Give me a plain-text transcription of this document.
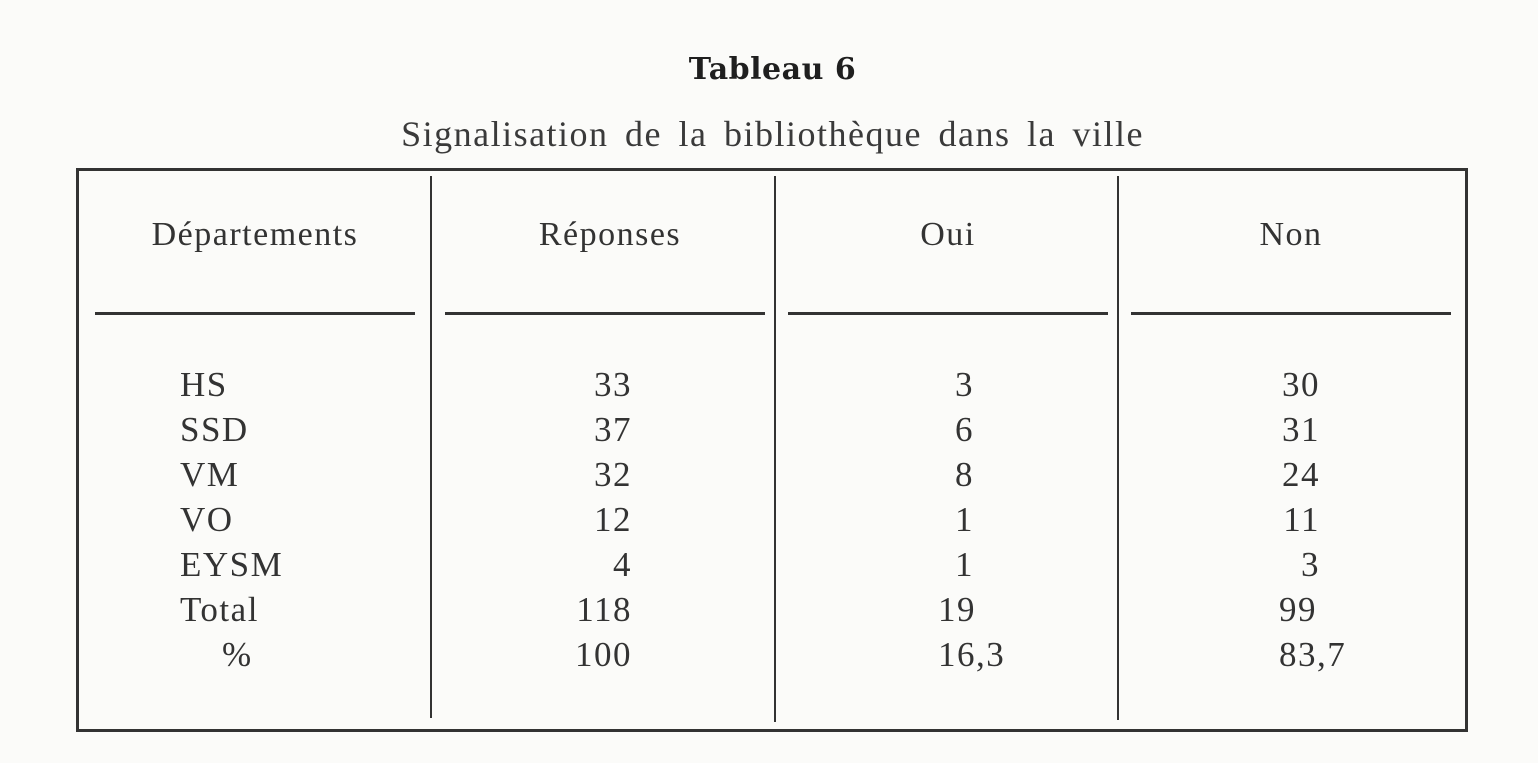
Tableau 6
Signalisation de la bibliothèque dans la ville
Départements	Réponses	Oui	Non
HS	33	3	30
SSD	37	6	31
VM	32	8	24
VO	12	1	11
EYSM	4	1	3
Total	118	19	99
%	100	16,3	83,7
